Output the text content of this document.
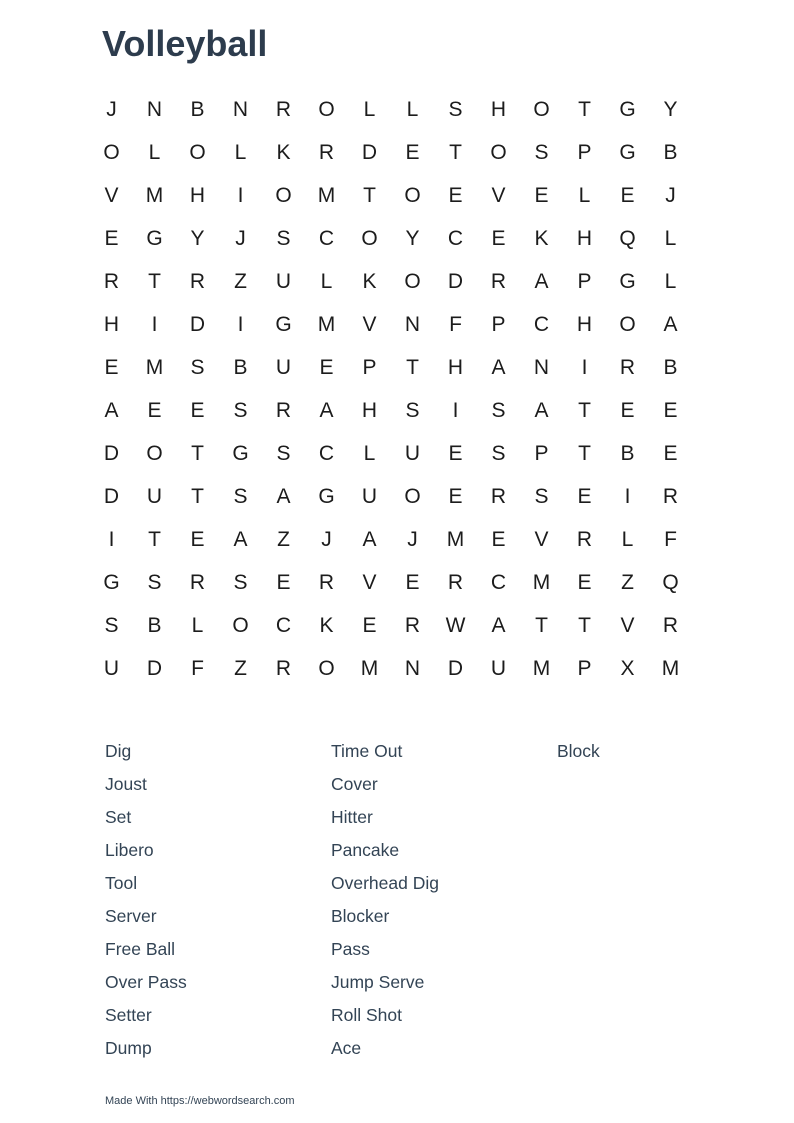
Volleyball
J	N	B	N	R	O	L	L	S	H	O	T	G	Y
O	L	O	L	K	R	D	E	T	O	S	P	G	B
V	M	H	I	O	M	T	O	E	V	E	L	E	J
E	G	Y	J	S	C	O	Y	C	E	K	H	Q	L
R	T	R	Z	U	L	K	O	D	R	A	P	G	L
H	I	D	I	G	M	V	N	F	P	C	H	O	A
E	M	S	B	U	E	P	T	H	A	N	I	R	B
A	E	E	S	R	A	H	S	I	S	A	T	E	E
D	O	T	G	S	C	L	U	E	S	P	T	B	E
D	U	T	S	A	G	U	O	E	R	S	E	I	R
I	T	E	A	Z	J	A	J	M	E	V	R	L	F
G	S	R	S	E	R	V	E	R	C	M	E	Z	Q
S	B	L	O	C	K	E	R	W	A	T	T	V	R
U	D	F	Z	R	O	M	N	D	U	M	P	X	M
Dig
Joust
Set
Libero
Tool
Server
Free Ball
Over Pass
Setter
Dump
Time Out
Cover
Hitter
Pancake
Overhead Dig
Blocker
Pass
Jump Serve
Roll Shot
Ace
Block
Made With https://webwordsearch.com
